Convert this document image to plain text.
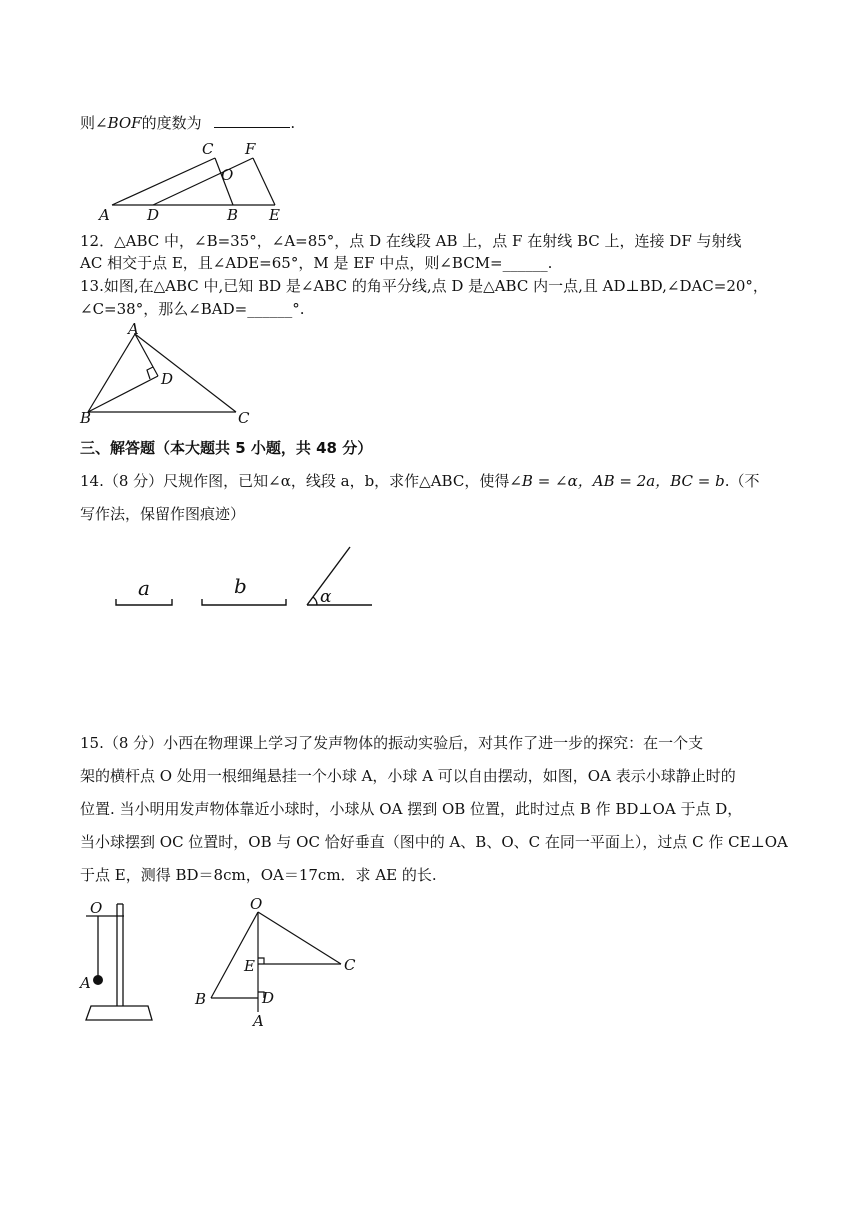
则∠BOF的度数为	.
C F
O
A D	B E
12．△ABC 中，∠B=35°，∠A=85°，点 D 在线段 AB 上，点 F 在射线 BC 上，连接 DF 与射线
AC 相交于点 E，且∠ADE=65°，M 是 EF 中点，则∠BCM=______.
13.如图,在△ABC 中,已知 BD 是∠ABC 的角平分线,点 D 是△ABC 内一点,且 AD⊥BD,∠DAC=20°，
∠C=38°，那么∠BAD=______°.
A
D
B	C
三、解答题（本大题共 5 小题，共 48 分）
14.（8 分）尺规作图，已知∠α，线段 a，b，求作△ABC，使得∠B = ∠α，AB = 2a，BC = b.（不
写作法，保留作图痕迹）
a	b	α
15.（8 分）小西在物理课上学习了发声物体的振动实验后，对其作了进一步的探究：在一个支
架的横杆点 O 处用一根细绳悬挂一个小球 A，小球 A 可以自由摆动，如图，OA 表示小球静止时的
位置. 当小明用发声物体靠近小球时，小球从 OA 摆到 OB 位置，此时过点 B 作 BD⊥OA 于点 D，
当小球摆到 OC 位置时，OB 与 OC 恰好垂直（图中的 A、B、O、C 在同一平面上），过点 C 作 CE⊥OA
于点 E，测得 BD＝8cm，OA＝17cm．求 AE 的长.
O
A
O
E	C
B	D
A
